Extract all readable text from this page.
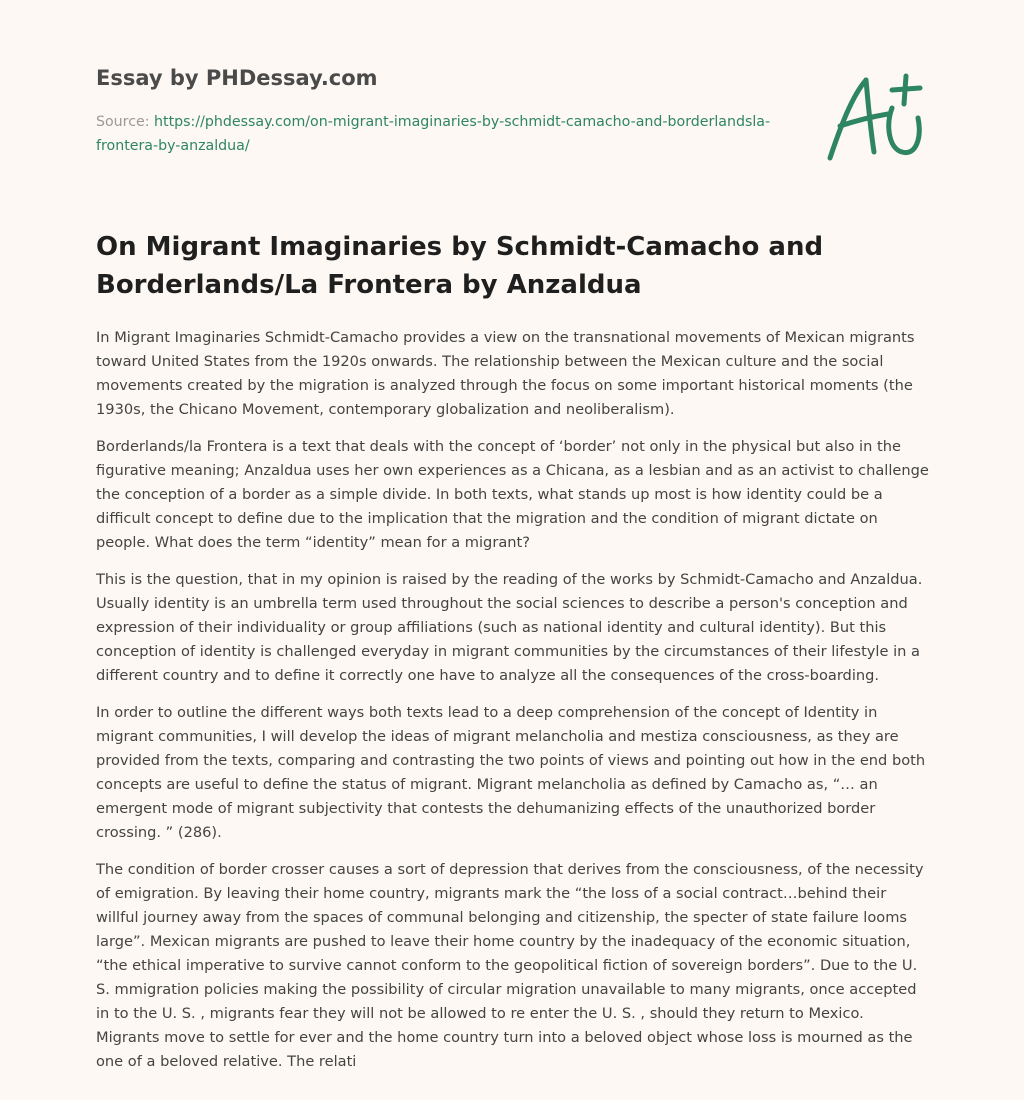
Essay by PHDessay.com
Source: https://phdessay.com/on-migrant-imaginaries-by-schmidt-camacho-and-borderlandsla-frontera-by-anzaldua/
On Migrant Imaginaries by Schmidt-Camacho and Borderlands/La Frontera by Anzaldua

In Migrant Imaginaries Schmidt-Camacho provides a view on the transnational movements of Mexican migrants toward United States from the 1920s onwards. The relationship between the Mexican culture and the social movements created by the migration is analyzed through the focus on some important historical moments (the 1930s, the Chicano Movement, contemporary globalization and neoliberalism).

Borderlands/la Frontera is a text that deals with the concept of ‘border’ not only in the physical but also in the figurative meaning; Anzaldua uses her own experiences as a Chicana, as a lesbian and as an activist to challenge the conception of a border as a simple divide. In both texts, what stands up most is how identity could be a difficult concept to define due to the implication that the migration and the condition of migrant dictate on people. What does the term “identity” mean for a migrant?

This is the question, that in my opinion is raised by the reading of the works by Schmidt-Camacho and Anzaldua. Usually identity is an umbrella term used throughout the social sciences to describe a person's conception and expression of their individuality or group affiliations (such as national identity and cultural identity). But this conception of identity is challenged everyday in migrant communities by the circumstances of their lifestyle in a different country and to define it correctly one have to analyze all the consequences of the cross-boarding.

In order to outline the different ways both texts lead to a deep comprehension of the concept of Identity in migrant communities, I will develop the ideas of migrant melancholia and mestiza consciousness, as they are provided from the texts, comparing and contrasting the two points of views and pointing out how in the end both concepts are useful to define the status of migrant. Migrant melancholia as defined by Camacho as, “… an emergent mode of migrant subjectivity that contests the dehumanizing effects of the unauthorized border crossing. ” (286).

The condition of border crosser causes a sort of depression that derives from the consciousness, of the necessity of emigration. By leaving their home country, migrants mark the “the loss of a social contract…behind their willful journey away from the spaces of communal belonging and citizenship, the specter of state failure looms large”. Mexican migrants are pushed to leave their home country by the inadequacy of the economic situation, “the ethical imperative to survive cannot conform to the geopolitical fiction of sovereign borders”. Due to the U. S. mmigration policies making the possibility of circular migration unavailable to many migrants, once accepted in to the U. S. , migrants fear they will not be allowed to re enter the U. S. , should they return to Mexico. Migrants move to settle for ever and the home country turn into a beloved object whose loss is mourned as the one of a beloved relative. The relati
